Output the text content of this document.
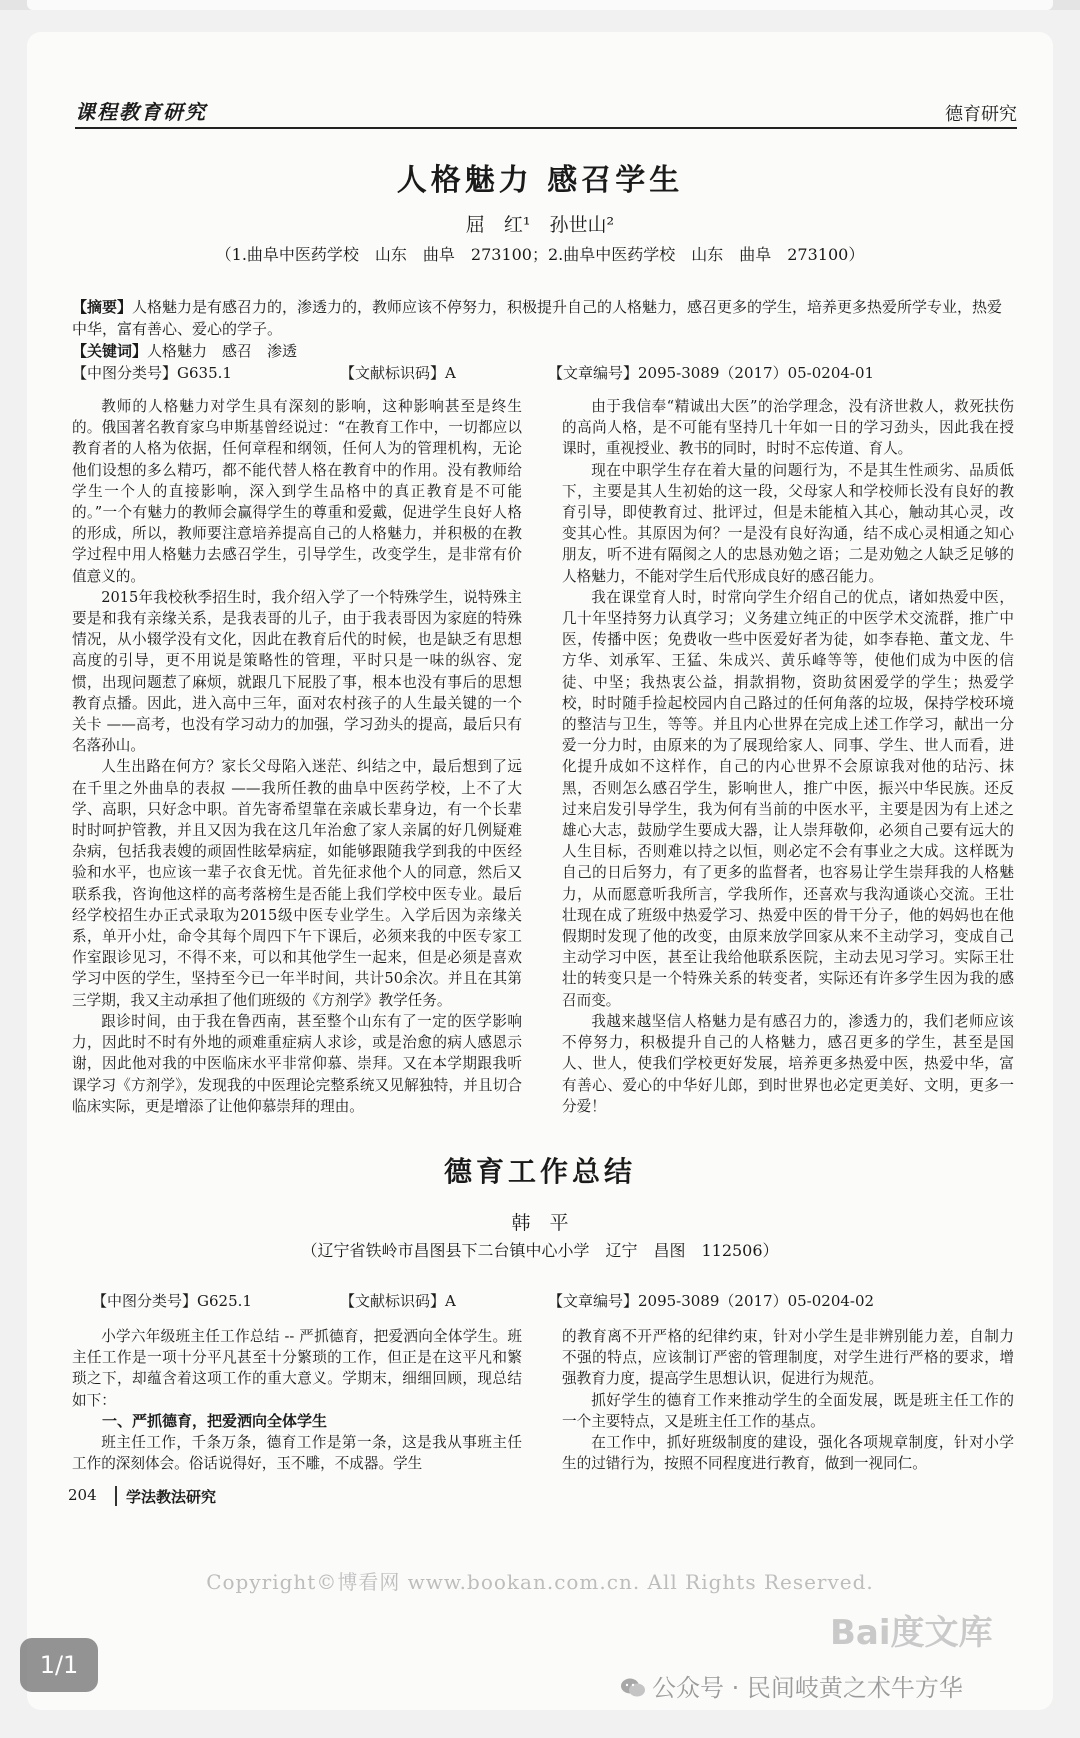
课程教育研究	德育研究
人格魅力 感召学生
屈　红¹　孙世山²
（1.曲阜中医药学校　山东　曲阜　273100；2.曲阜中医药学校　山东　曲阜　273100）
【摘要】人格魅力是有感召力的，渗透力的，教师应该不停努力，积极提升自己的人格魅力，感召更多的学生，培养更多热爱所学专业，热爱中华，富有善心、爱心的学子。
【关键词】人格魅力　感召　渗透
【中图分类号】G635.1	【文献标识码】A	【文章编号】2095-3089（2017）05-0204-01

教师的人格魅力对学生具有深刻的影响，这种影响甚至是终生的。俄国著名教育家乌申斯基曾经说过：“在教育工作中，一切都应以教育者的人格为依据，任何章程和纲领，任何人为的管理机构，无论他们设想的多么精巧，都不能代替人格在教育中的作用。没有教师给学生一个人的直接影响，深入到学生品格中的真正教育是不可能的。”一个有魅力的教师会赢得学生的尊重和爱戴，促进学生良好人格的形成，所以，教师要注意培养提高自己的人格魅力，并积极的在教学过程中用人格魅力去感召学生，引导学生，改变学生，是非常有价值意义的。

2015年我校秋季招生时，我介绍入学了一个特殊学生，说特殊主要是和我有亲缘关系，是我表哥的儿子，由于我表哥因为家庭的特殊情况，从小辍学没有文化，因此在教育后代的时候，也是缺乏有思想高度的引导，更不用说是策略性的管理，平时只是一味的纵容、宠惯，出现问题惹了麻烦，就跟几下屁股了事，根本也没有事后的思想教育点播。因此，进入高中三年，面对农村孩子的人生最关键的一个关卡 ——高考，也没有学习动力的加强，学习劲头的提高，最后只有名落孙山。

人生出路在何方？家长父母陷入迷茫、纠结之中，最后想到了远在千里之外曲阜的表叔 ——我所任教的曲阜中医药学校，上不了大学、高职，只好念中职。首先寄希望靠在亲戚长辈身边，有一个长辈时时呵护管教，并且又因为我在这几年治愈了家人亲属的好几例疑难杂病，包括我表嫂的顽固性眩晕病症，如能够跟随我学到我的中医经验和水平，也应该一辈子衣食无忧。首先征求他个人的同意，然后又联系我，咨询他这样的高考落榜生是否能上我们学校中医专业。最后经学校招生办正式录取为2015级中医专业学生。入学后因为亲缘关系，单开小灶，命令其每个周四下午下课后，必须来我的中医专家工作室跟诊见习，不得不来，可以和其他学生一起来，但是必须是喜欢学习中医的学生，坚持至今已一年半时间，共计50余次。并且在其第三学期，我又主动承担了他们班级的《方剂学》教学任务。

跟诊时间，由于我在鲁西南，甚至整个山东有了一定的医学影响力，因此时不时有外地的顽难重症病人求诊，或是治愈的病人感恩示谢，因此他对我的中医临床水平非常仰慕、崇拜。又在本学期跟我听课学习《方剂学》，发现我的中医理论完整系统又见解独特，并且切合临床实际，更是增添了让他仰慕崇拜的理由。

由于我信奉“精诚出大医”的治学理念，没有济世救人，救死扶伤的高尚人格，是不可能有坚持几十年如一日的学习劲头，因此我在授课时，重视授业、教书的同时，时时不忘传道、育人。

现在中职学生存在着大量的问题行为，不是其生性顽劣、品质低下，主要是其人生初始的这一段，父母家人和学校师长没有良好的教育引导，即使教育过、批评过，但是未能植入其心，触动其心灵，改变其心性。其原因为何？一是没有良好沟通，结不成心灵相通之知心朋友，听不进有隔阂之人的忠恳劝勉之语；二是劝勉之人缺乏足够的人格魅力，不能对学生后代形成良好的感召能力。

我在课堂育人时，时常向学生介绍自己的优点，诸如热爱中医，几十年坚持努力认真学习；义务建立纯正的中医学术交流群，推广中医，传播中医；免费收一些中医爱好者为徒，如李春艳、董文龙、牛方华、刘承军、王猛、朱成兴、黄乐峰等等，使他们成为中医的信徒、中坚；我热衷公益，捐款捐物，资助贫困爱学的学生；热爱学校，时时随手捡起校园内自己路过的任何角落的垃圾，保持学校环境的整洁与卫生，等等。并且内心世界在完成上述工作学习，献出一分爱一分力时，由原来的为了展现给家人、同事、学生、世人而看，进化提升成如不这样作，自己的内心世界不会原谅我对他的玷污、抹黑，否则怎么感召学生，影响世人，推广中医，振兴中华民族。还反过来启发引导学生，我为何有当前的中医水平，主要是因为有上述之雄心大志，鼓励学生要成大器，让人崇拜敬仰，必须自己要有远大的人生目标，否则难以持之以恒，则必定不会有事业之大成。这样既为自己的日后努力，有了更多的监督者，也容易让学生崇拜我的人格魅力，从而愿意听我所言，学我所作，还喜欢与我沟通谈心交流。王壮壮现在成了班级中热爱学习、热爱中医的骨干分子，他的妈妈也在他假期时发现了他的改变，由原来放学回家从来不主动学习，变成自己主动学习中医，甚至让我给他联系医院，主动去见习学习。实际王壮壮的转变只是一个特殊关系的转变者，实际还有许多学生因为我的感召而变。

我越来越坚信人格魅力是有感召力的，渗透力的，我们老师应该不停努力，积极提升自己的人格魅力，感召更多的学生，甚至是国人、世人，使我们学校更好发展，培养更多热爱中医，热爱中华，富有善心、爱心的中华好儿郎，到时世界也必定更美好、文明，更多一分爱！

德育工作总结
韩　平
（辽宁省铁岭市昌图县下二台镇中心小学　辽宁　昌图　112506）
【中图分类号】G625.1	【文献标识码】A	【文章编号】2095-3089（2017）05-0204-02

小学六年级班主任工作总结 -- 严抓德育，把爱洒向全体学生。班主任工作是一项十分平凡甚至十分繁琐的工作，但正是在这平凡和繁琐之下，却蕴含着这项工作的重大意义。学期末，细细回顾，现总结如下：

一、严抓德育，把爱洒向全体学生

班主任工作，千条万条，德育工作是第一条，这是我从事班主任工作的深刻体会。俗话说得好，玉不雕，不成器。学生

的教育离不开严格的纪律约束，针对小学生是非辨别能力差，自制力不强的特点，应该制订严密的管理制度，对学生进行严格的要求，增强教育力度，提高学生思想认识，促进行为规范。

抓好学生的德育工作来推动学生的全面发展，既是班主任工作的一个主要特点，又是班主任工作的基点。

在工作中，抓好班级制度的建设，强化各项规章制度，针对小学生的过错行为，按照不同程度进行教育，做到一视同仁。

204 学法教法研究
Copyright©博看网 www.bookan.com.cn. All Rights Reserved.
Bai度文库
1/1
公众号 · 民间岐黄之术牛方华
